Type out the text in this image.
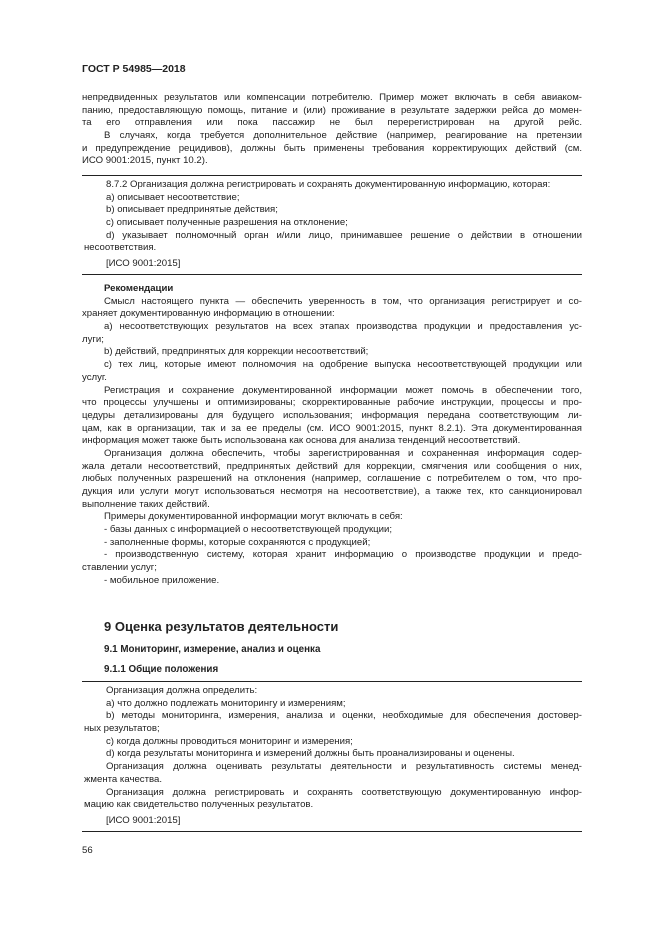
ГОСТ Р 54985—2018
непредвиденных результатов или компенсации потребителю. Пример может включать в себя авиаком-
панию, предоставляющую помощь, питание и (или) проживание в результате задержки рейса до момен-
та его отправления или пока пассажир не был перерегистрирован на другой рейс.
В случаях, когда требуется дополнительное действие (например, реагирование на претензии
и предупреждение рецидивов), должны быть применены требования корректирующих действий (см.
ИСО 9001:2015, пункт 10.2).
8.7.2 Организация должна регистрировать и сохранять документированную информацию, которая:
a) описывает несоответствие;
b) описывает предпринятые действия;
c) описывает полученные разрешения на отклонение;
d) указывает полномочный орган и/или лицо, принимавшее решение о действии в отношении
несоответствия.
[ИСО 9001:2015]
Рекомендации
Смысл настоящего пункта — обеспечить уверенность в том, что организация регистрирует и со-
храняет документированную информацию в отношении:
a) несоответствующих результатов на всех этапах производства продукции и предоставления ус-
луги;
b) действий, предпринятых для коррекции несоответствий;
c) тех лиц, которые имеют полномочия на одобрение выпуска несоответствующей продукции или
услуг.
Регистрация и сохранение документированной информации может помочь в обеспечении того,
что процессы улучшены и оптимизированы; скорректированные рабочие инструкции, процессы и про-
цедуры детализированы для будущего использования; информация передана соответствующим ли-
цам, как в организации, так и за ее пределы (см. ИСО 9001:2015, пункт 8.2.1). Эта документированная
информация может также быть использована как основа для анализа тенденций несоответствий.
Организация должна обеспечить, чтобы зарегистрированная и сохраненная информация содер-
жала детали несоответствий, предпринятых действий для коррекции, смягчения или сообщения о них,
любых полученных разрешений на отклонения (например, соглашение с потребителем о том, что про-
дукция или услуги могут использоваться несмотря на несоответствие), а также тех, кто санкционировал
выполнение таких действий.
Примеры документированной информации могут включать в себя:
- базы данных с информацией о несоответствующей продукции;
- заполненные формы, которые сохраняются с продукцией;
- производственную систему, которая хранит информацию о производстве продукции и предо-
ставлении услуг;
- мобильное приложение.
9 Оценка результатов деятельности
9.1 Мониторинг, измерение, анализ и оценка
9.1.1 Общие положения
Организация должна определить:
a) что должно подлежать мониторингу и измерениям;
b) методы мониторинга, измерения, анализа и оценки, необходимые для обеспечения достовер-
ных результатов;
c) когда должны проводиться мониторинг и измерения;
d) когда результаты мониторинга и измерений должны быть проанализированы и оценены.
Организация должна оценивать результаты деятельности и результативность системы менед-
жмента качества.
Организация должна регистрировать и сохранять соответствующую документированную инфор-
мацию как свидетельство полученных результатов.
[ИСО 9001:2015]
56
